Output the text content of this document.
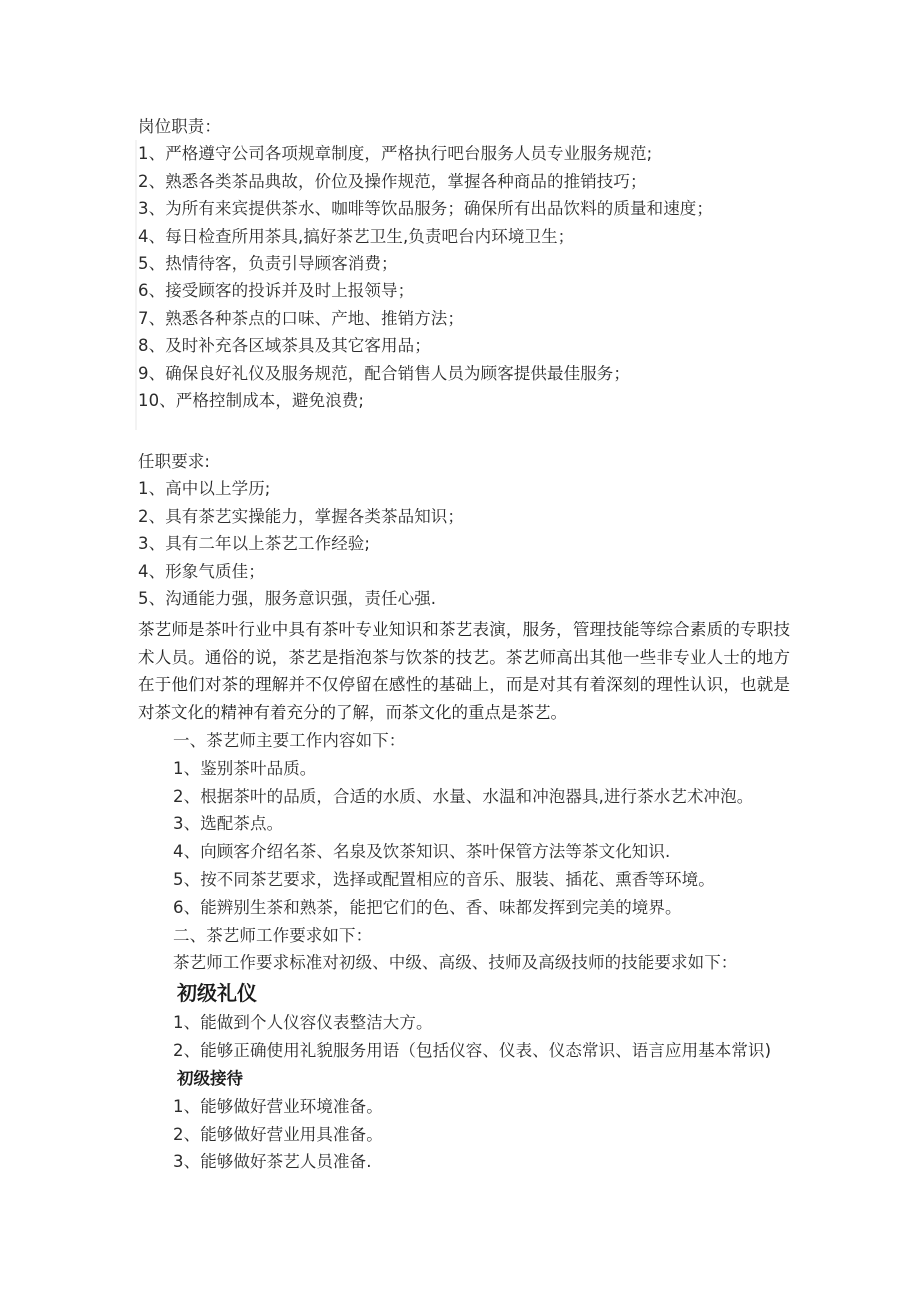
岗位职责：
1、严格遵守公司各项规章制度，严格执行吧台服务人员专业服务规范;
2、熟悉各类茶品典故，价位及操作规范，掌握各种商品的推销技巧；
3、为所有来宾提供茶水、咖啡等饮品服务；确保所有出品饮料的质量和速度；
4、每日检查所用茶具,搞好茶艺卫生,负责吧台内环境卫生；
5、热情待客，负责引导顾客消费；
6、接受顾客的投诉并及时上报领导；
7、熟悉各种茶点的口味、产地、推销方法；
8、及时补充各区域茶具及其它客用品；
9、确保良好礼仪及服务规范，配合销售人员为顾客提供最佳服务；
10、严格控制成本，避免浪费;
任职要求:
1、高中以上学历;
2、具有茶艺实操能力，掌握各类茶品知识；
3、具有二年以上茶艺工作经验;
4、形象气质佳；
5、沟通能力强，服务意识强，责任心强.

茶艺师是茶叶行业中具有茶叶专业知识和茶艺表演，服务，管理技能等综合素质的专职技术人员。通俗的说，茶艺是指泡茶与饮茶的技艺。茶艺师高出其他一些非专业人士的地方在于他们对茶的理解并不仅停留在感性的基础上，而是对其有着深刻的理性认识，也就是对茶文化的精神有着充分的了解，而茶文化的重点是茶艺。

一、茶艺师主要工作内容如下：
1、鉴别茶叶品质。
2、根据茶叶的品质，合适的水质、水量、水温和冲泡器具,进行茶水艺术冲泡。
3、选配茶点。
4、向顾客介绍名茶、名泉及饮茶知识、茶叶保管方法等茶文化知识.
5、按不同茶艺要求，选择或配置相应的音乐、服装、插花、熏香等环境。
6、能辨别生茶和熟茶，能把它们的色、香、味都发挥到完美的境界。
二、茶艺师工作要求如下：
茶艺师工作要求标准对初级、中级、高级、技师及高级技师的技能要求如下：
初级礼仪
1、能做到个人仪容仪表整洁大方。
2、能够正确使用礼貌服务用语（包括仪容、仪表、仪态常识、语言应用基本常识)
初级接待
1、能够做好营业环境准备。
2、能够做好营业用具准备。
3、能够做好茶艺人员准备.
